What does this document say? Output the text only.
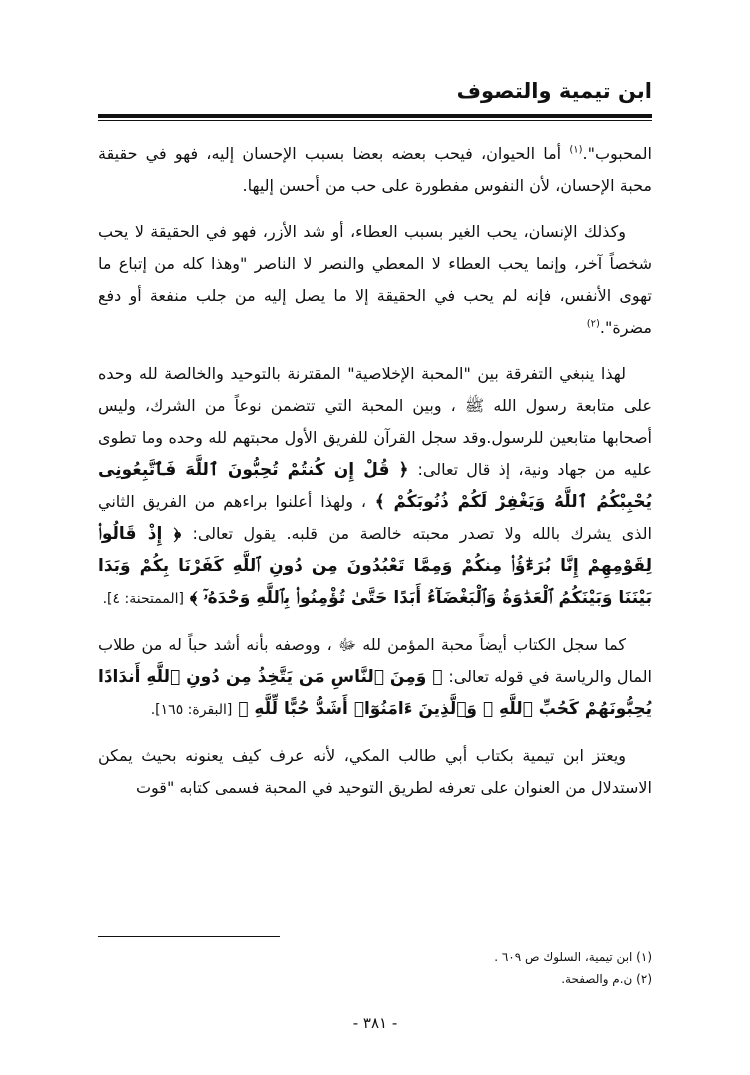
ابن تيمية والتصوف

المحبوب".$^{(١)}$ أما الحيوان، فيحب بعضه بعضا بسبب الإحسان إليه، فهو في حقيقة محبة الإحسان، لأن النفوس مفطورة على حب من أحسن إليها.

وكذلك الإنسان، يحب الغير بسبب العطاء، أو شد الأزر، فهو في الحقيقة لا يحب شخصاً آخر، وإنما يحب العطاء لا المعطي والنصر لا الناصر "وهذا كله من إتباع ما تهوى الأنفس، فإنه لم يحب في الحقيقة إلا ما يصل إليه من جلب منفعة أو دفع مضرة".$^{(٢)}$

لهذا ينبغي التفرقة بين "المحبة الإخلاصية" المقترنة بالتوحيد والخالصة لله وحده على متابعة رسول الله ﷺ ، وبين المحبة التي تتضمن نوعاً من الشرك، وليس أصحابها متابعين للرسول.وقد سجل القرآن للفريق الأول محبتهم لله وحده وما تطوى عليه من جهاد ونية، إذ قال تعالى: ﴿ قُلْ إِن كُنتُمْ تُحِبُّونَ ٱللَّهَ فَٱتَّبِعُونِى يُحْبِبْكُمُ ٱللَّهُ وَيَغْفِرْ لَكُمْ ذُنُوبَكُمْ ﴾ ، ولهذا أعلنوا براءهم من الفريق الثاني الذى يشرك بالله ولا تصدر محبته خالصة من قلبه. يقول تعالى: ﴿ إِذْ قَالُوا۟ لِقَوْمِهِمْ إِنَّا بُرَءَٰٓؤُا۟ مِنكُمْ وَمِمَّا تَعْبُدُونَ مِن دُونِ ٱللَّهِ كَفَرْنَا بِكُمْ وَبَدَا بَيْنَنَا وَبَيْنَكُمُ ٱلْعَدَٰوَةُ وَٱلْبَغْضَآءُ أَبَدًا حَتَّىٰ تُؤْمِنُوا۟ بِٱللَّهِ وَحْدَهُۥٓ ﴾ [الممتحنة: ٤].

كما سجل الكتاب أيضاً محبة المؤمن لله ﷻ ، ووصفه بأنه أشد حباً له من طلاب المال والرياسة في قوله تعالى: ﴿ وَمِنَ ٱلنَّاسِ مَن يَتَّخِذُ مِن دُونِ ٱللَّهِ أَندَادًا يُحِبُّونَهُمْ كَحُبِّ ٱللَّهِ ۖ وَٱلَّذِينَ ءَامَنُوٓا۟ أَشَدُّ حُبًّا لِّلَّهِ ﴾ [البقرة: ١٦٥].

ويعتز ابن تيمية بكتاب أبي طالب المكي، لأنه عرف كيف يعنونه بحيث يمكن الاستدلال من العنوان على تعرفه لطريق التوحيد في المحبة فسمى كتابه "قوت

(١) ابن تيمية، السلوك ص ٦٠٩ .

(٢) ن.م والصفحة.

- ٣٨١ -
